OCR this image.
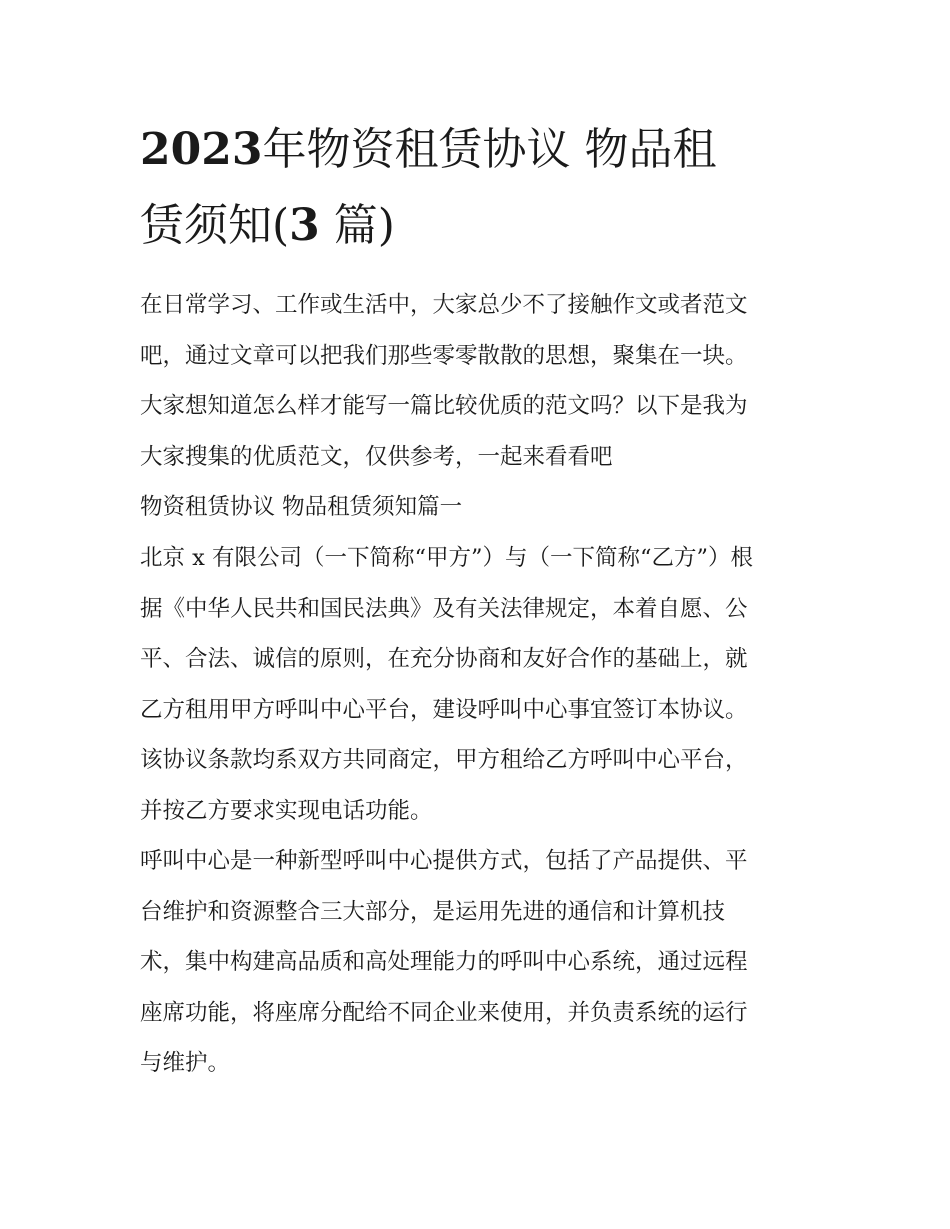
2023年物资租赁协议 物品租
赁须知(3 篇)
在日常学习、工作或生活中，大家总少不了接触作文或者范文
吧，通过文章可以把我们那些零零散散的思想，聚集在一块。
大家想知道怎么样才能写一篇比较优质的范文吗？以下是我为
大家搜集的优质范文，仅供参考，一起来看看吧
物资租赁协议 物品租赁须知篇一
北京 x 有限公司（一下简称“甲方”）与（一下简称“乙方”）根
据《中华人民共和国民法典》及有关法律规定，本着自愿、公
平、合法、诚信的原则，在充分协商和友好合作的基础上，就
乙方租用甲方呼叫中心平台，建设呼叫中心事宜签订本协议。
该协议条款均系双方共同商定，甲方租给乙方呼叫中心平台，
并按乙方要求实现电话功能。
呼叫中心是一种新型呼叫中心提供方式，包括了产品提供、平
台维护和资源整合三大部分，是运用先进的通信和计算机技
术，集中构建高品质和高处理能力的呼叫中心系统，通过远程
座席功能，将座席分配给不同企业来使用，并负责系统的运行
与维护。
